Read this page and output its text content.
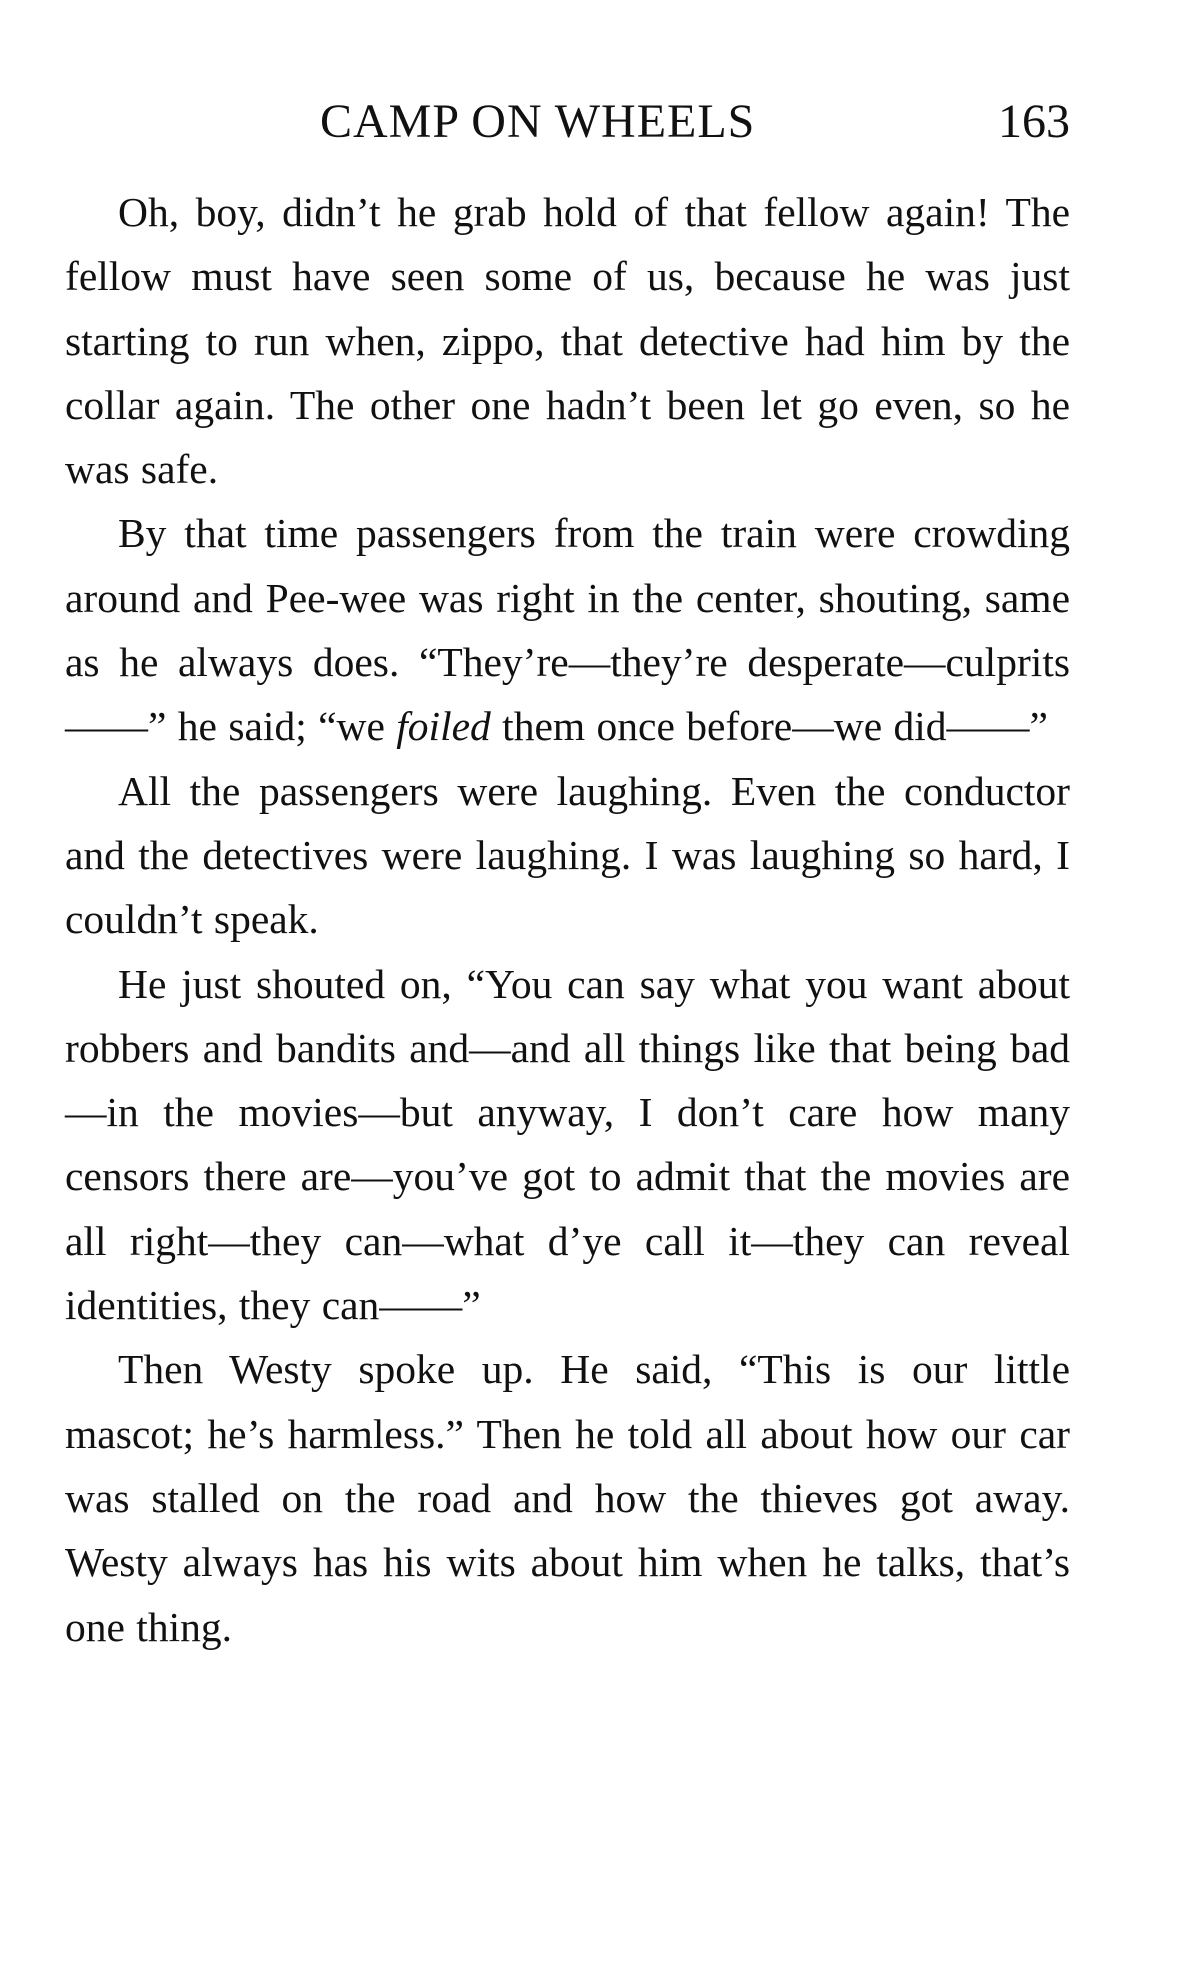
CAMP ON WHEELS	163

Oh, boy, didn’t he grab hold of that fellow again! The fellow must have seen some of us, because he was just starting to run when, zippo, that detective had him by the collar again. The other one hadn’t been let go even, so he was safe.

By that time passengers from the train were crowding around and Pee-wee was right in the center, shouting, same as he always does. “They’re—they’re desperate—culprits——” he said; “we foiled them once before—we did——”

All the passengers were laughing. Even the conductor and the detectives were laughing. I was laughing so hard, I couldn’t speak.

He just shouted on, “You can say what you want about robbers and bandits and—and all things like that being bad—in the movies—but anyway, I don’t care how many censors there are—you’ve got to admit that the movies are all right—they can—what d’ye call it—they can reveal identities, they can——”

Then Westy spoke up. He said, “This is our little mascot; he’s harmless.” Then he told all about how our car was stalled on the road and how the thieves got away. Westy always has his wits about him when he talks, that’s one thing.
